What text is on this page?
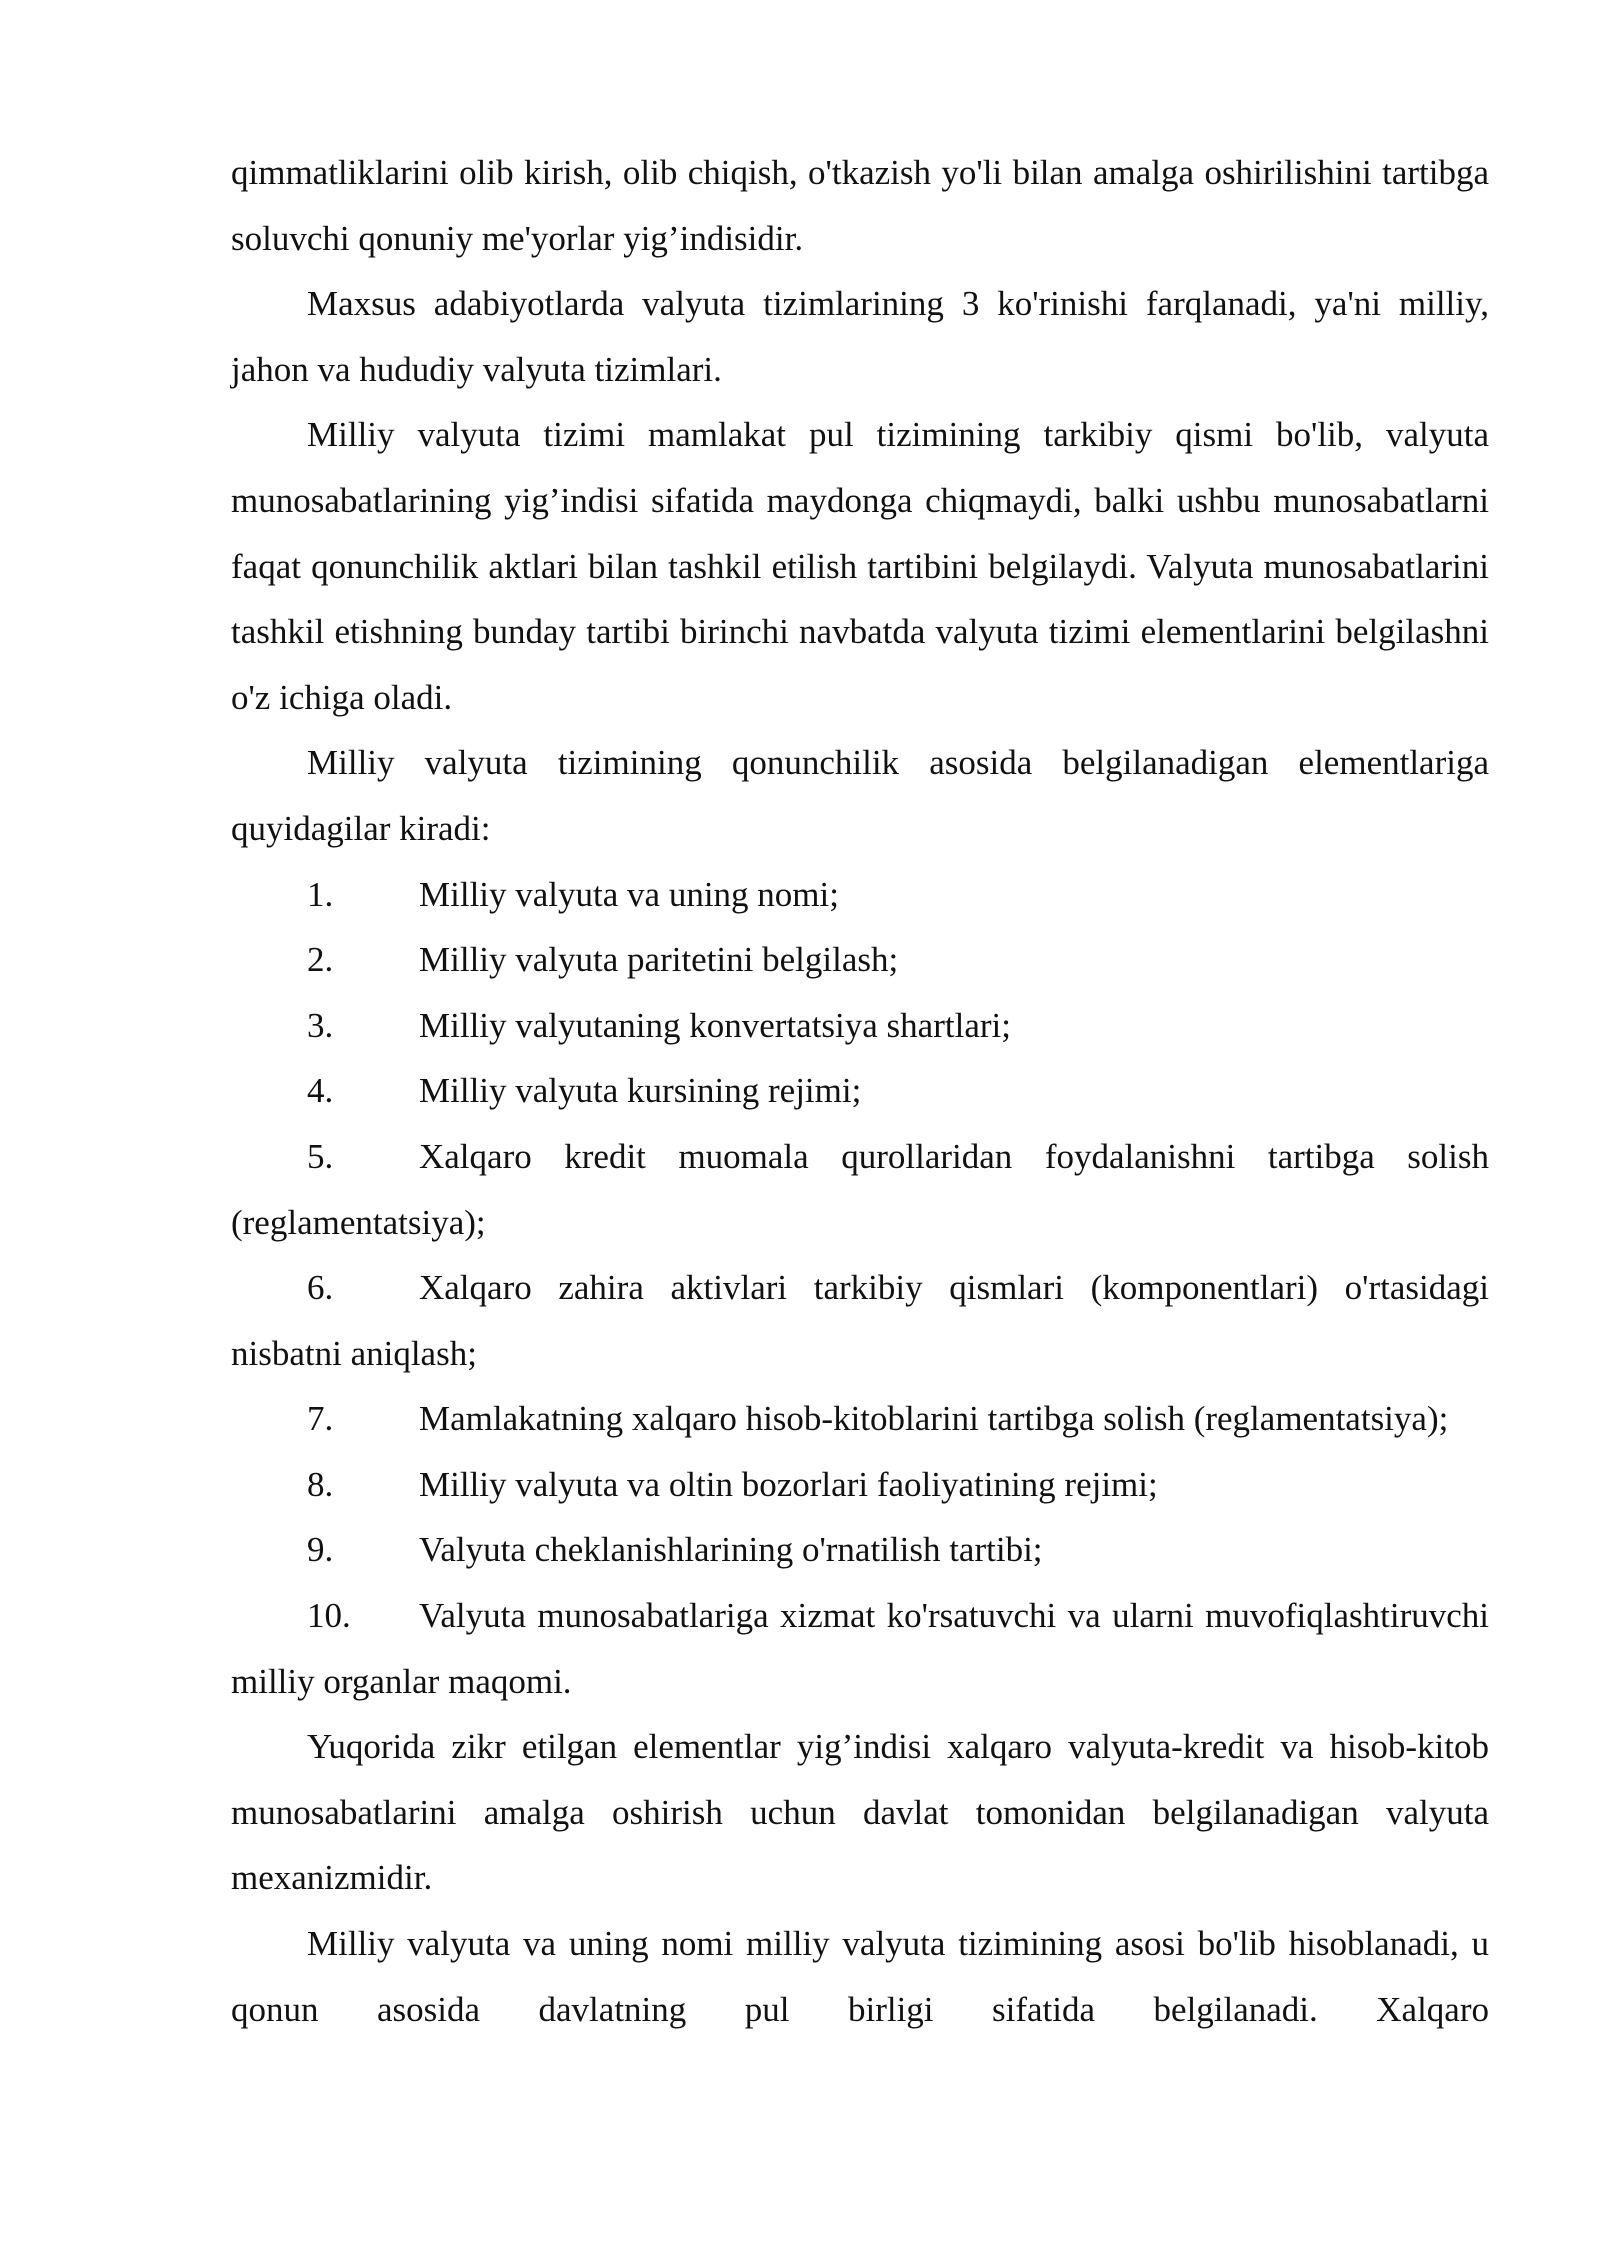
qimmatliklarini olib kirish, olib chiqish, o'tkazish yo'li bilan amalga oshirilishini tartibga soluvchi qonuniy me'yorlar yig’indisidir.

Maxsus adabiyotlarda valyuta tizimlarining 3 ko'rinishi farqlanadi, ya'ni milliy, jahon va hududiy valyuta tizimlari.

Milliy valyuta tizimi mamlakat pul tizimining tarkibiy qismi bo'lib, valyuta munosabatlarining yig’indisi sifatida maydonga chiqmaydi, balki ushbu munosabatlarni faqat qonunchilik aktlari bilan tashkil etilish tartibini belgilaydi. Valyuta munosabatlarini tashkil etishning bunday tartibi birinchi navbatda valyuta tizimi elementlarini belgilashni o'z ichiga oladi.

Milliy valyuta tizimining qonunchilik asosida belgilanadigan elementlariga quyidagilar kiradi:

1. Milliy valyuta va uning nomi;

2. Milliy valyuta paritetini belgilash;

3. Milliy valyutaning konvertatsiya shartlari;

4. Milliy valyuta kursining rejimi;

5. Xalqaro kredit muomala qurollaridan foydalanishni tartibga solish (reglamentatsiya);

6. Xalqaro zahira aktivlari tarkibiy qismlari (komponentlari) o'rtasidagi nisbatni aniqlash;

7. Mamlakatning xalqaro hisob-kitoblarini tartibga solish (reglamentatsiya);

8. Milliy valyuta va oltin bozorlari faoliyatining rejimi;

9. Valyuta cheklanishlarining o'rnatilish tartibi;

10. Valyuta munosabatlariga xizmat ko'rsatuvchi va ularni muvofiqlashtiruvchi milliy organlar maqomi.

Yuqorida zikr etilgan elementlar yig’indisi xalqaro valyuta-kredit va hisob-kitob munosabatlarini amalga oshirish uchun davlat tomonidan belgilanadigan valyuta mexanizmidir.

Milliy valyuta va uning nomi milliy valyuta tizimining asosi bo'lib hisoblanadi, u qonun asosida davlatning pul birligi sifatida belgilanadi. Xalqaro
